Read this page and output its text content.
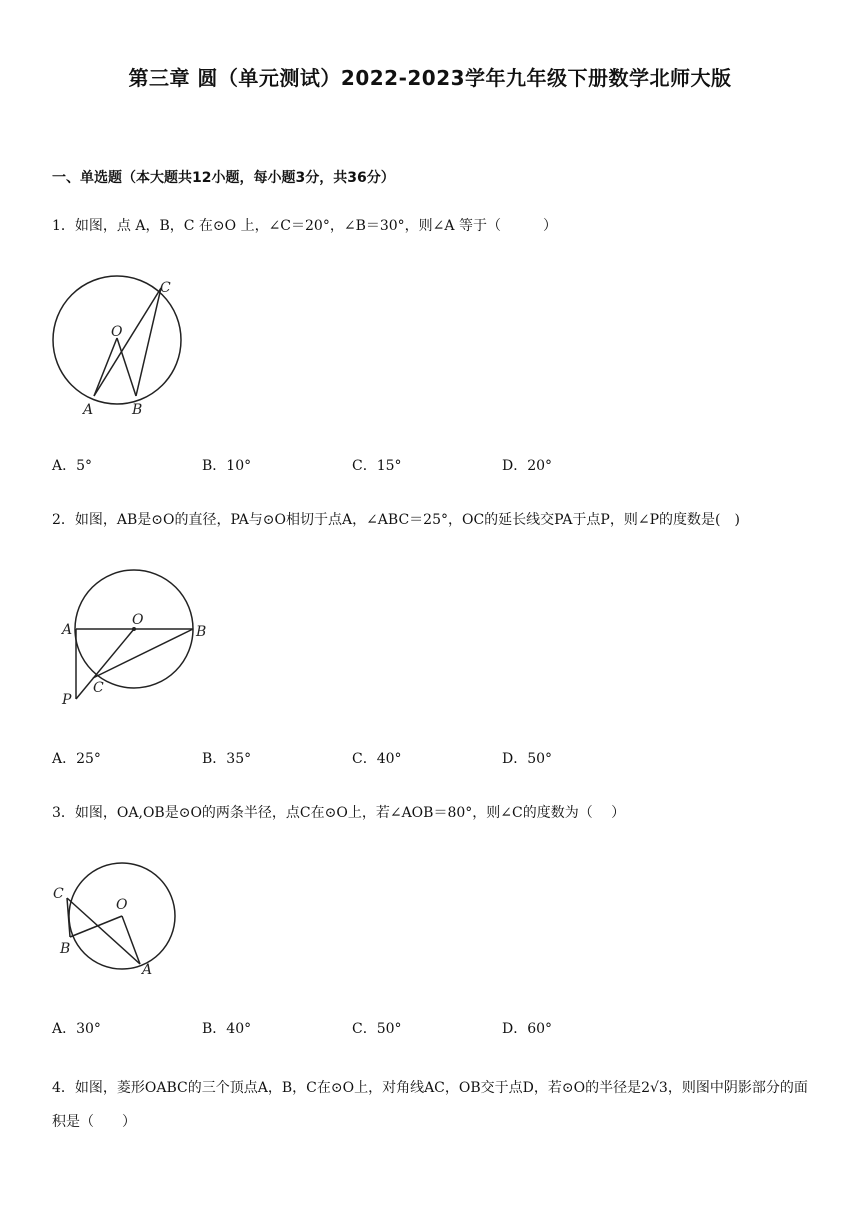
第三章 圆（单元测试）2022-2023学年九年级下册数学北师大版
一、单选题（本大题共12小题，每小题3分，共36分）
1．如图，点 A，B，C 在⊙O 上，∠C＝20°，∠B＝30°，则∠A 等于（　　　）
C
O
A	B
A．5°	B．10°	C．15°	D．20°
2．如图，AB是⊙O的直径，PA与⊙O相切于点A，∠ABC＝25°，OC的延长线交PA于点P，则∠P的度数是(　)
O
A	B
C
P
A．25°	B．35°	C．40°	D．50°
3．如图，OA,OB是⊙O的两条半径，点C在⊙O上，若∠AOB＝80°，则∠C的度数为（　 ）
C
O
B
A
A．30°	B．40°	C．50°	D．60°
4．如图，菱形OABC的三个顶点A，B，C在⊙O上，对角线AC，OB交于点D，若⊙O的半径是2√3，则图中阴影部分的面积是（　　）
